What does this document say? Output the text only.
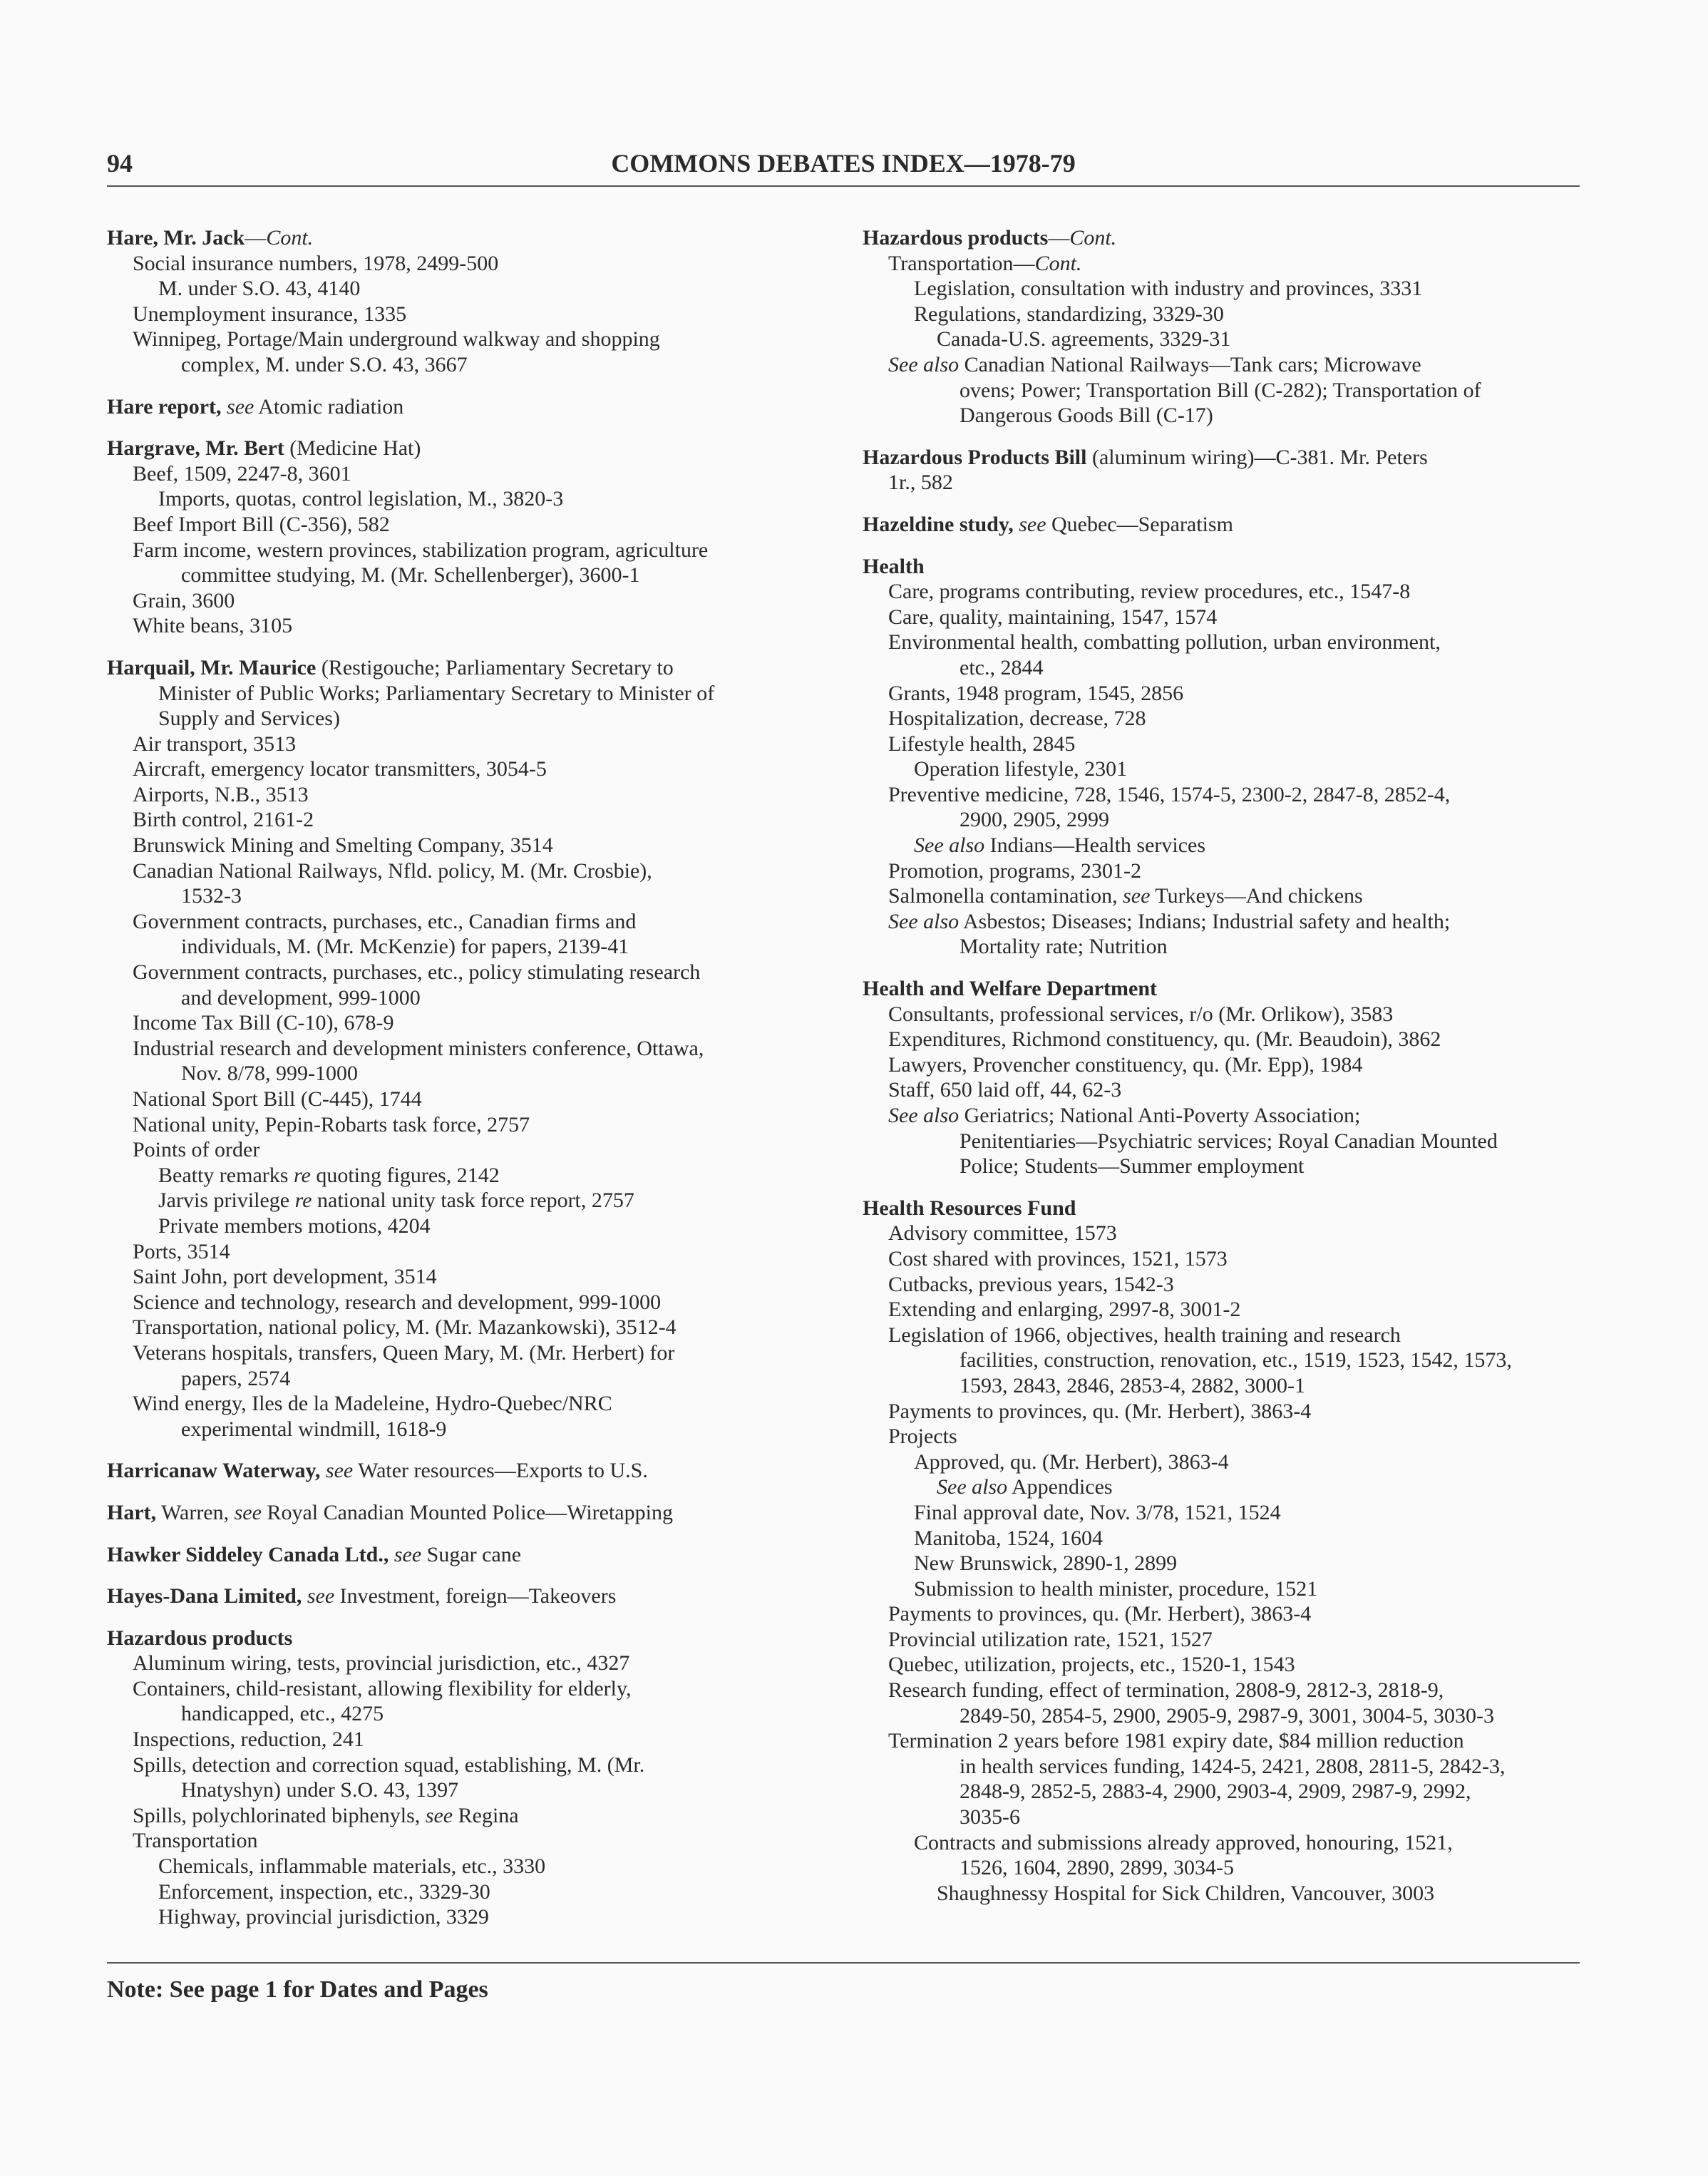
94	COMMONS DEBATES INDEX—1978-79
Hare, Mr. Jack—Cont.
Social insurance numbers, 1978, 2499-500
M. under S.O. 43, 4140
Unemployment insurance, 1335
Winnipeg, Portage/Main underground walkway and shopping
complex, M. under S.O. 43, 3667
Hare report, see Atomic radiation
Hargrave, Mr. Bert (Medicine Hat)
Beef, 1509, 2247-8, 3601
Imports, quotas, control legislation, M., 3820-3
Beef Import Bill (C-356), 582
Farm income, western provinces, stabilization program, agriculture
committee studying, M. (Mr. Schellenberger), 3600-1
Grain, 3600
White beans, 3105
Harquail, Mr. Maurice (Restigouche; Parliamentary Secretary to
Minister of Public Works; Parliamentary Secretary to Minister of
Supply and Services)
Air transport, 3513
Aircraft, emergency locator transmitters, 3054-5
Airports, N.B., 3513
Birth control, 2161-2
Brunswick Mining and Smelting Company, 3514
Canadian National Railways, Nfld. policy, M. (Mr. Crosbie),
1532-3
Government contracts, purchases, etc., Canadian firms and
individuals, M. (Mr. McKenzie) for papers, 2139-41
Government contracts, purchases, etc., policy stimulating research
and development, 999-1000
Income Tax Bill (C-10), 678-9
Industrial research and development ministers conference, Ottawa,
Nov. 8/78, 999-1000
National Sport Bill (C-445), 1744
National unity, Pepin-Robarts task force, 2757
Points of order
Beatty remarks re quoting figures, 2142
Jarvis privilege re national unity task force report, 2757
Private members motions, 4204
Ports, 3514
Saint John, port development, 3514
Science and technology, research and development, 999-1000
Transportation, national policy, M. (Mr. Mazankowski), 3512-4
Veterans hospitals, transfers, Queen Mary, M. (Mr. Herbert) for
papers, 2574
Wind energy, Iles de la Madeleine, Hydro-Quebec/NRC
experimental windmill, 1618-9
Harricanaw Waterway, see Water resources—Exports to U.S.
Hart, Warren, see Royal Canadian Mounted Police—Wiretapping
Hawker Siddeley Canada Ltd., see Sugar cane
Hayes-Dana Limited, see Investment, foreign—Takeovers
Hazardous products
Aluminum wiring, tests, provincial jurisdiction, etc., 4327
Containers, child-resistant, allowing flexibility for elderly,
handicapped, etc., 4275
Inspections, reduction, 241
Spills, detection and correction squad, establishing, M. (Mr.
Hnatyshyn) under S.O. 43, 1397
Spills, polychlorinated biphenyls, see Regina
Transportation
Chemicals, inflammable materials, etc., 3330
Enforcement, inspection, etc., 3329-30
Highway, provincial jurisdiction, 3329
Hazardous products—Cont.
Transportation—Cont.
Legislation, consultation with industry and provinces, 3331
Regulations, standardizing, 3329-30
Canada-U.S. agreements, 3329-31
See also Canadian National Railways—Tank cars; Microwave
ovens; Power; Transportation Bill (C-282); Transportation of
Dangerous Goods Bill (C-17)
Hazardous Products Bill (aluminum wiring)—C-381. Mr. Peters
1r., 582
Hazeldine study, see Quebec—Separatism
Health
Care, programs contributing, review procedures, etc., 1547-8
Care, quality, maintaining, 1547, 1574
Environmental health, combatting pollution, urban environment,
etc., 2844
Grants, 1948 program, 1545, 2856
Hospitalization, decrease, 728
Lifestyle health, 2845
Operation lifestyle, 2301
Preventive medicine, 728, 1546, 1574-5, 2300-2, 2847-8, 2852-4,
2900, 2905, 2999
See also Indians—Health services
Promotion, programs, 2301-2
Salmonella contamination, see Turkeys—And chickens
See also Asbestos; Diseases; Indians; Industrial safety and health;
Mortality rate; Nutrition
Health and Welfare Department
Consultants, professional services, r/o (Mr. Orlikow), 3583
Expenditures, Richmond constituency, qu. (Mr. Beaudoin), 3862
Lawyers, Provencher constituency, qu. (Mr. Epp), 1984
Staff, 650 laid off, 44, 62-3
See also Geriatrics; National Anti-Poverty Association;
Penitentiaries—Psychiatric services; Royal Canadian Mounted
Police; Students—Summer employment
Health Resources Fund
Advisory committee, 1573
Cost shared with provinces, 1521, 1573
Cutbacks, previous years, 1542-3
Extending and enlarging, 2997-8, 3001-2
Legislation of 1966, objectives, health training and research
facilities, construction, renovation, etc., 1519, 1523, 1542, 1573,
1593, 2843, 2846, 2853-4, 2882, 3000-1
Payments to provinces, qu. (Mr. Herbert), 3863-4
Projects
Approved, qu. (Mr. Herbert), 3863-4
See also Appendices
Final approval date, Nov. 3/78, 1521, 1524
Manitoba, 1524, 1604
New Brunswick, 2890-1, 2899
Submission to health minister, procedure, 1521
Payments to provinces, qu. (Mr. Herbert), 3863-4
Provincial utilization rate, 1521, 1527
Quebec, utilization, projects, etc., 1520-1, 1543
Research funding, effect of termination, 2808-9, 2812-3, 2818-9,
2849-50, 2854-5, 2900, 2905-9, 2987-9, 3001, 3004-5, 3030-3
Termination 2 years before 1981 expiry date, $84 million reduction
in health services funding, 1424-5, 2421, 2808, 2811-5, 2842-3,
2848-9, 2852-5, 2883-4, 2900, 2903-4, 2909, 2987-9, 2992,
3035-6
Contracts and submissions already approved, honouring, 1521,
1526, 1604, 2890, 2899, 3034-5
Shaughnessy Hospital for Sick Children, Vancouver, 3003
Note: See page 1 for Dates and Pages
